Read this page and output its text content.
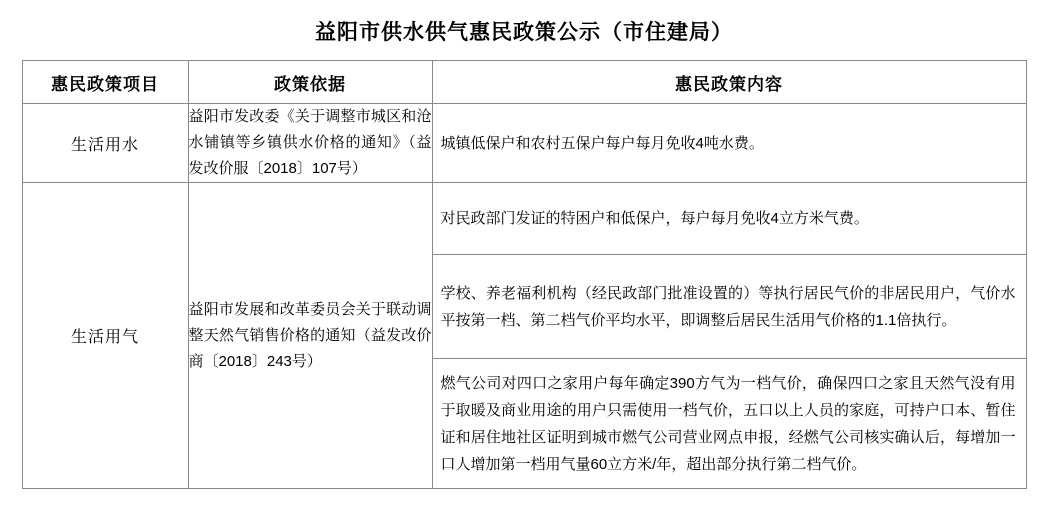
益阳市供水供气惠民政策公示（市住建局）
惠民政策项目	政策依据	惠民政策内容
生活用水	益阳市发改委《关于调整市城区和沧水铺镇等乡镇供水价格的通知》（益发改价服〔2018〕107号）	城镇低保户和农村五保户每户每月免收4吨水费。

生活用气	益阳市发展和改革委员会关于联动调整天然气销售价格的通知（益发改价商〔2018〕243号）	对民政部门发证的特困户和低保户，每户每月免收4立方米气费。
学校、养老福利机构（经民政部门批准设置的）等执行居民气价的非居民用户，气价水平按第一档、第二档气价平均水平，即调整后居民生活用气价格的1.1倍执行。
燃气公司对四口之家用户每年确定390方气为一档气价，确保四口之家且天然气没有用于取暖及商业用途的用户只需使用一档气价，五口以上人员的家庭，可持户口本、暂住证和居住地社区证明到城市燃气公司营业网点申报，经燃气公司核实确认后，每增加一口人增加第一档用气量60立方米/年，超出部分执行第二档气价。
